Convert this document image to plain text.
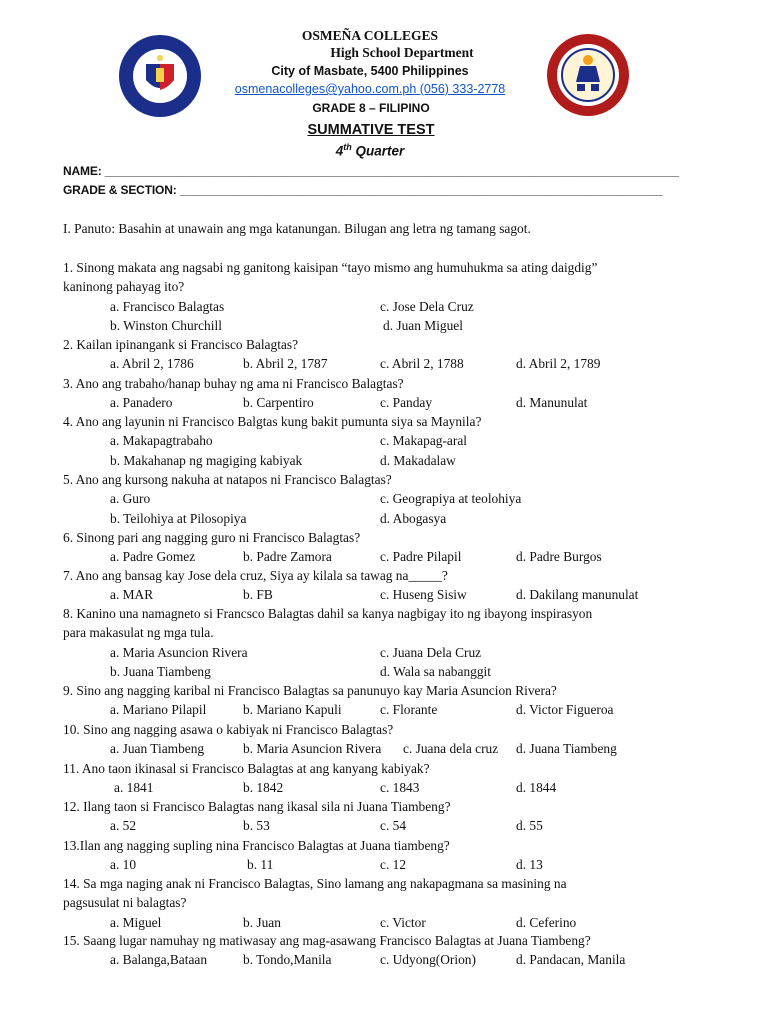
OSMEÑA COLLEGES
High School Department
City of Masbate, 5400 Philippines
osmenacolleges@yahoo.com.ph (056) 333-2778
GRADE 8 – FILIPINO
SUMMATIVE TEST
4th Quarter
NAME: ________________________________________________________________________________________
GRADE & SECTION: __________________________________________________________________________
I. Panuto: Basahin at unawain ang mga katanungan. Bilugan ang letra ng tamang sagot.
1. Sinong makata ang nagsabi ng ganitong kaisipan “tayo mismo ang humuhukma sa ating daigdig”
kaninong pahayag ito?
a. Francisco Balagtas	c. Jose Dela Cruz
b. Winston Churchill	d. Juan Miguel
2. Kailan ipinangank si Francisco Balagtas?
a. Abril 2, 1786	b. Abril 2, 1787	c. Abril 2, 1788	d. Abril 2, 1789
3. Ano ang trabaho/hanap buhay ng ama ni Francisco Balagtas?
a. Panadero	b. Carpentiro	c. Panday	d. Manunulat
4. Ano ang layunin ni Francisco Balgtas kung bakit pumunta siya sa Maynila?
a. Makapagtrabaho	c. Makapag-aral
b. Makahanap ng magiging kabiyak	d. Makadalaw
5. Ano ang kursong nakuha at natapos ni Francisco Balagtas?
a. Guro	c. Geograpiya at teolohiya
b. Teilohiya at Pilosopiya	d. Abogasya
6. Sinong pari ang nagging guro ni Francisco Balagtas?
a. Padre Gomez	b. Padre Zamora	c. Padre Pilapil	d. Padre Burgos
7. Ano ang bansag kay Jose dela cruz, Siya ay kilala sa tawag na_____?
a. MAR	b. FB	c. Huseng Sisiw	d. Dakilang manunulat
8. Kanino una namagneto si Francsco Balagtas dahil sa kanya nagbigay ito ng ibayong inspirasyon
para makasulat ng mga tula.
a. Maria Asuncion Rivera	c. Juana Dela Cruz
b. Juana Tiambeng	d. Wala sa nabanggit
9. Sino ang nagging karibal ni Francisco Balagtas sa panunuyo kay Maria Asuncion Rivera?
a. Mariano Pilapil	b. Mariano Kapuli	c. Florante	d. Victor Figueroa
10. Sino ang nagging asawa o kabiyak ni Francisco Balagtas?
a. Juan Tiambeng	b. Maria Asuncion Rivera c. Juana dela cruz d. Juana Tiambeng
11. Ano taon ikinasal si Francisco Balagtas at ang kanyang kabiyak?
a. 1841	b. 1842	c. 1843	d. 1844
12. Ilang taon si Francisco Balagtas nang ikasal sila ni Juana Tiambeng?
a. 52	b. 53	c. 54	d. 55
13.Ilan ang nagging supling nina Francisco Balagtas at Juana tiambeng?
a. 10	b. 11	c. 12	d. 13
14. Sa mga naging anak ni Francisco Balagtas, Sino lamang ang nakapagmana sa masining na
pagsusulat ni balagtas?
a. Miguel	b. Juan	c. Victor	d. Ceferino
15. Saang lugar namuhay ng matiwasay ang mag-asawang Francisco Balagtas at Juana Tiambeng?
a. Balanga,Bataan	b. Tondo,Manila	c. Udyong(Orion)	d. Pandacan, Manila
